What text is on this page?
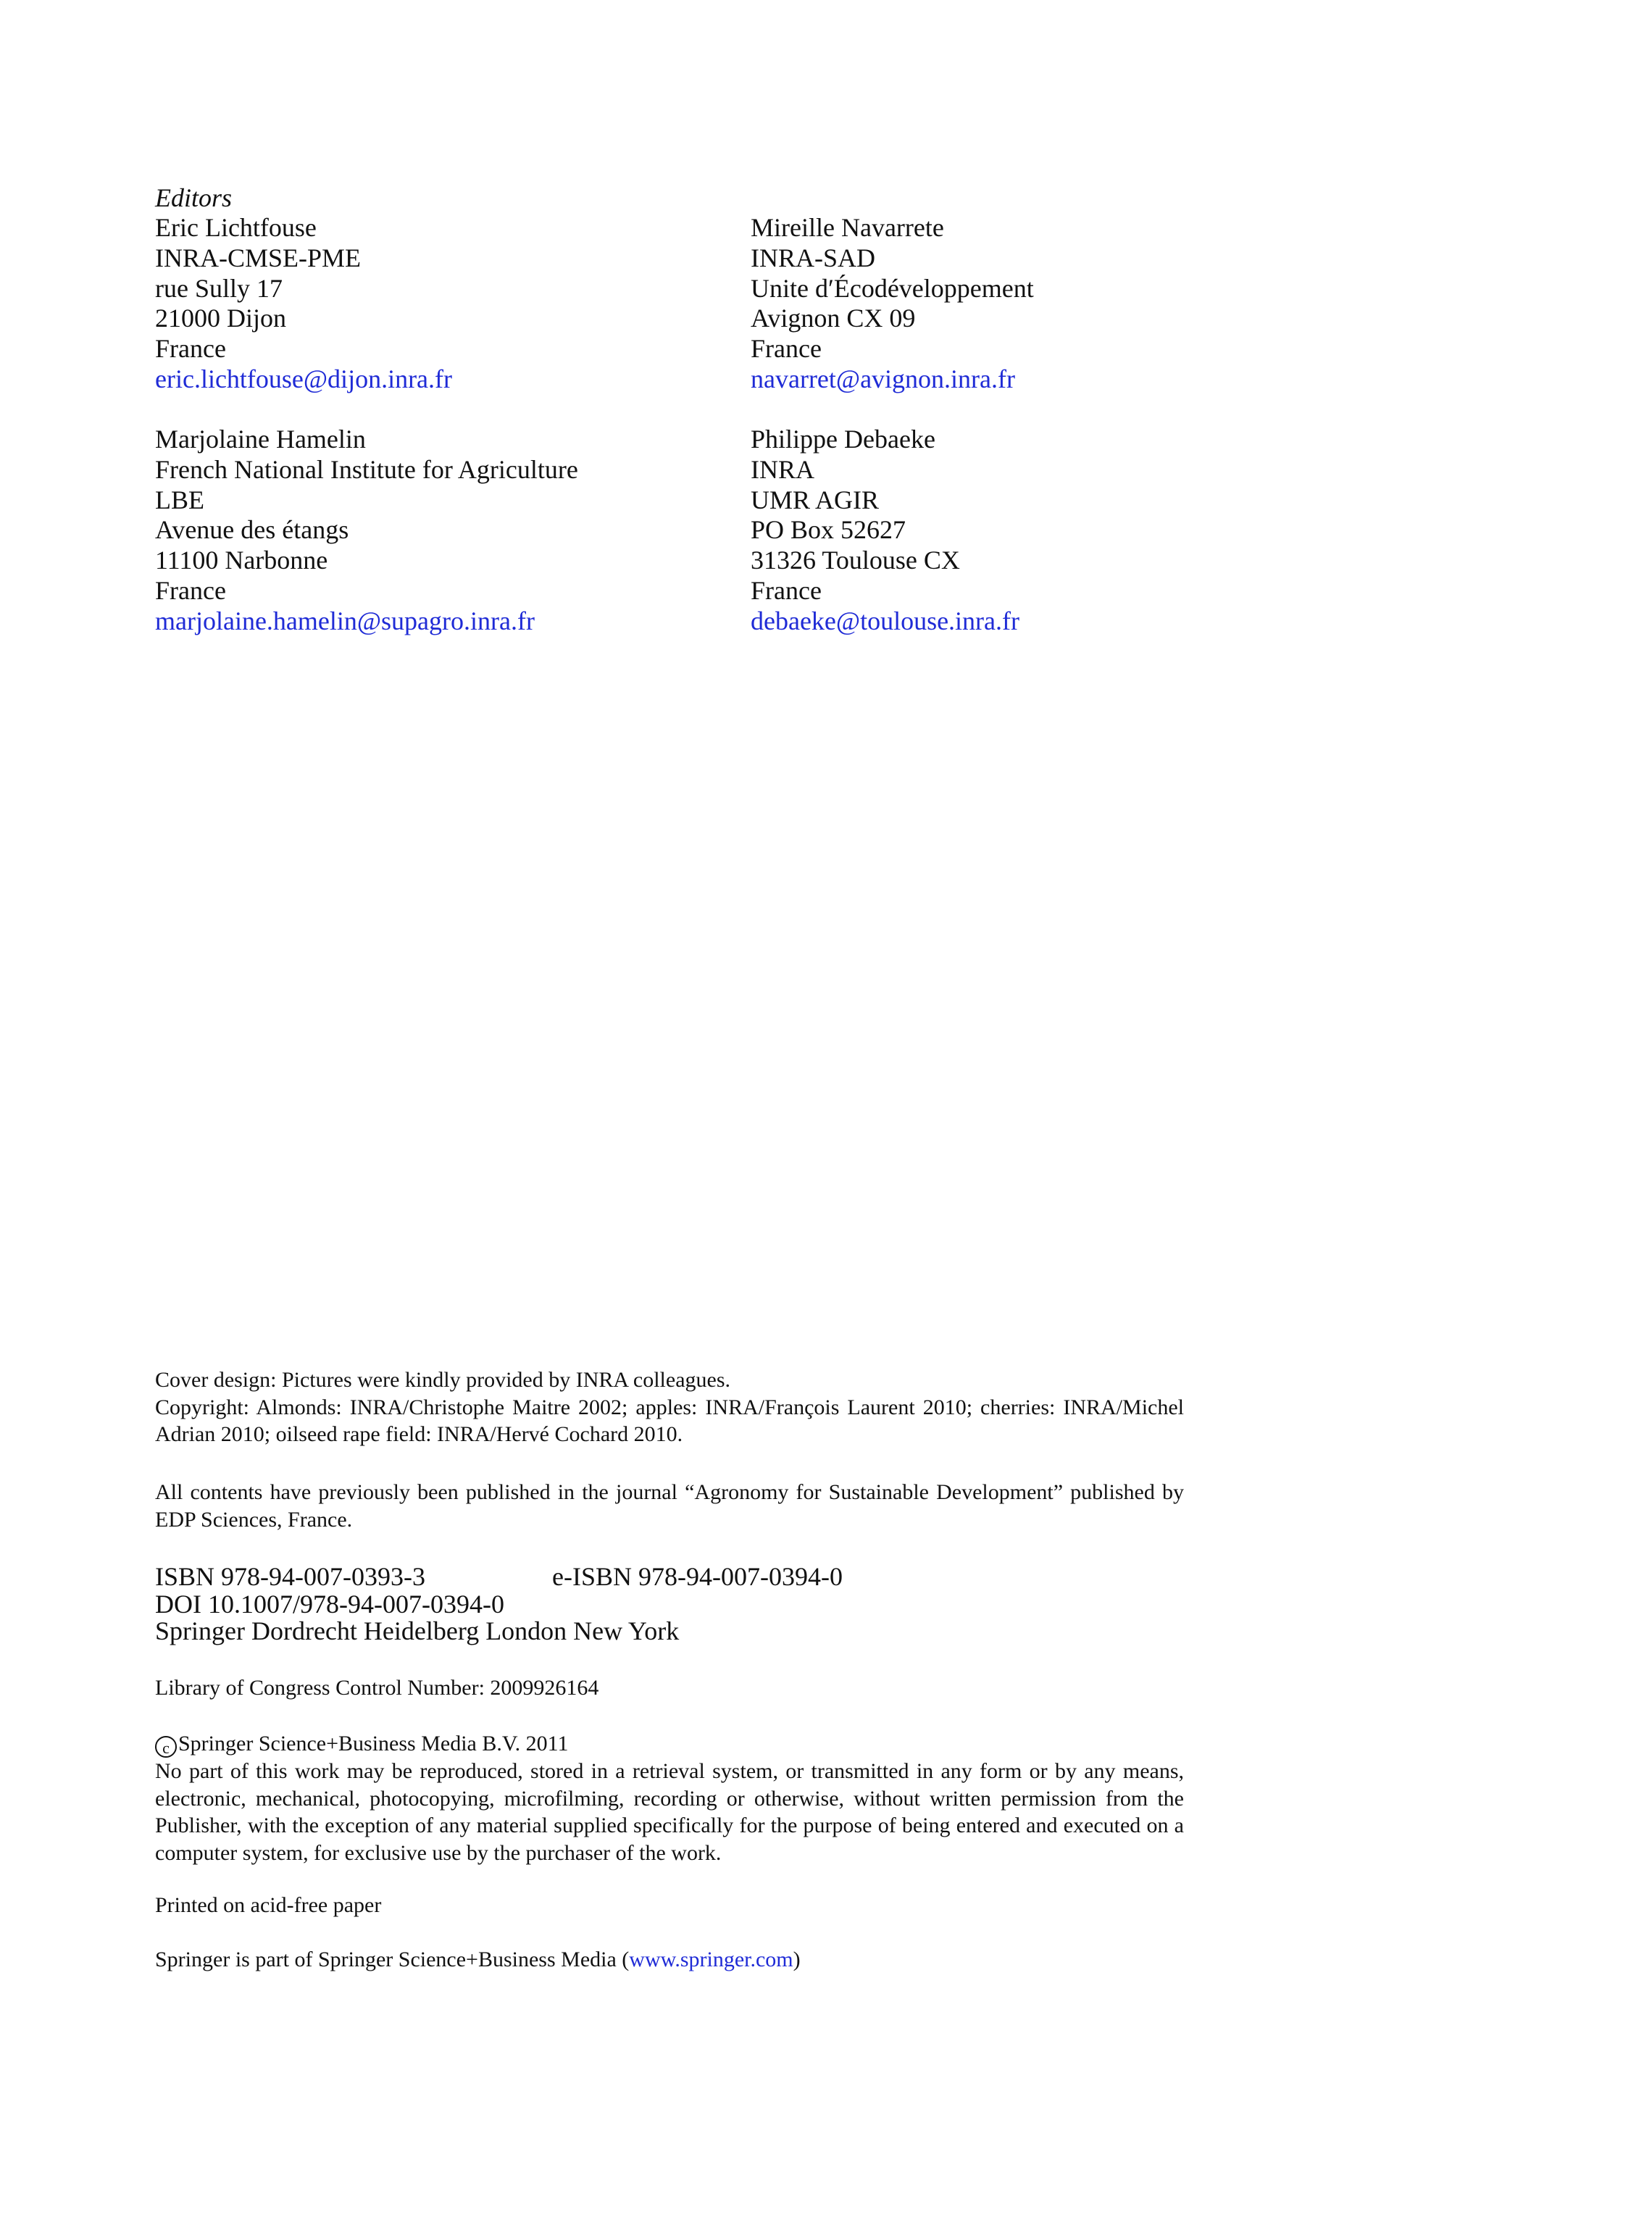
Editors
Eric Lichtfouse
INRA-CMSE-PME
rue Sully 17
21000 Dijon
France
eric.lichtfouse@dijon.inra.fr
Mireille Navarrete
INRA-SAD
Unite d′Écodéveloppement
Avignon CX 09
France
navarret@avignon.inra.fr
Marjolaine Hamelin
French National Institute for Agriculture
LBE
Avenue des étangs
11100 Narbonne
France
marjolaine.hamelin@supagro.inra.fr
Philippe Debaeke
INRA
UMR AGIR
PO Box 52627
31326 Toulouse CX
France
debaeke@toulouse.inra.fr
Cover design: Pictures were kindly provided by INRA colleagues.
Copyright: Almonds: INRA/Christophe Maitre 2002; apples: INRA/François Laurent 2010; cherries: INRA/Michel Adrian 2010; oilseed rape field: INRA/Hervé Cochard 2010.
All contents have previously been published in the journal “Agronomy for Sustainable Development” published by EDP Sciences, France.
ISBN 978-94-007-0393-3	e-ISBN 978-94-007-0394-0
DOI 10.1007/978-94-007-0394-0
Springer Dordrecht Heidelberg London New York
Library of Congress Control Number: 2009926164
c Springer Science+Business Media B.V. 2011
No part of this work may be reproduced, stored in a retrieval system, or transmitted in any form or by any means, electronic, mechanical, photocopying, microfilming, recording or otherwise, without written permission from the Publisher, with the exception of any material supplied specifically for the purpose of being entered and executed on a computer system, for exclusive use by the purchaser of the work.
Printed on acid-free paper
Springer is part of Springer Science+Business Media (www.springer.com)
